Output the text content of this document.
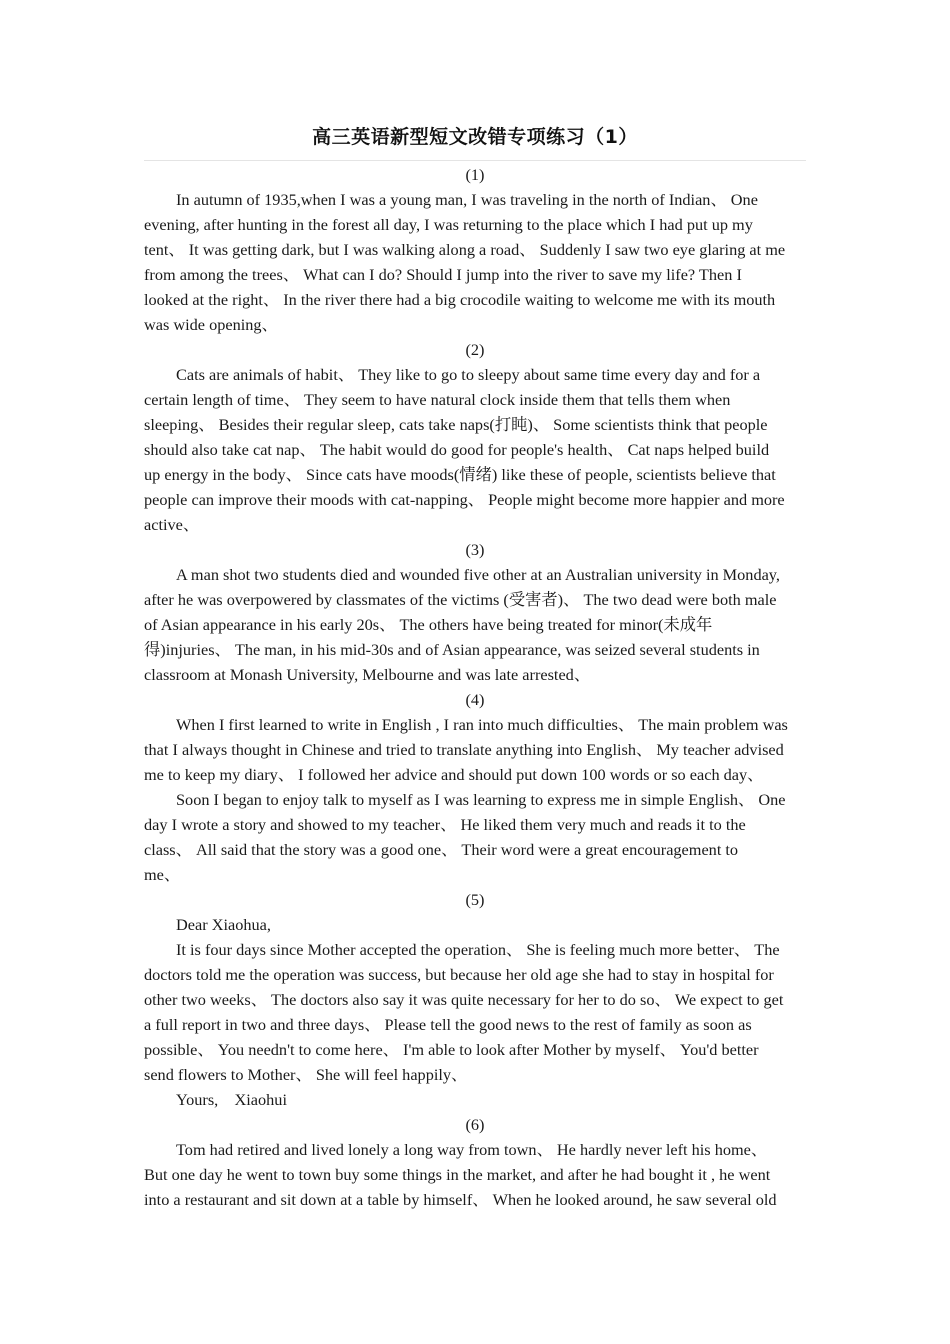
高三英语新型短文改错专项练习（1）
(1)
In autumn of 1935,when I was a young man, I was traveling in the north of Indian、 One
evening, after hunting in the forest all day, I was returning to the place which I had put up my
tent、 It was getting dark, but I was walking along a road、 Suddenly I saw two eye glaring at me
from among the trees、 What can I do? Should I jump into the river to save my life? Then I
looked at the right、 In the river there had a big crocodile waiting to welcome me with its mouth
was wide opening、
(2)
Cats are animals of habit、 They like to go to sleepy about same time every day and for a
certain length of time、 They seem to have natural clock inside them that tells them when
sleeping、 Besides their regular sleep, cats take naps(打盹)、 Some scientists think that people
should also take cat nap、 The habit would do good for people's health、 Cat naps helped build
up energy in the body、 Since cats have moods(情绪) like these of people, scientists believe that
people can improve their moods with cat-napping、 People might become more happier and more
active、
(3)
A man shot two students died and wounded five other at an Australian university in Monday,
after he was overpowered by classmates of the victims (受害者)、 The two dead were both male
of Asian appearance in his early 20s、 The others have being treated for minor(未成年
得)injuries、 The man, in his mid-30s and of Asian appearance, was seized several students in
classroom at Monash University, Melbourne and was late arrested、
(4)
When I first learned to write in English , I ran into much difficulties、 The main problem was
that I always thought in Chinese and tried to translate anything into English、 My teacher advised
me to keep my diary、 I followed her advice and should put down 100 words or so each day、
Soon I began to enjoy talk to myself as I was learning to express me in simple English、 One
day I wrote a story and showed to my teacher、 He liked them very much and reads it to the
class、 All said that the story was a good one、 Their word were a great encouragement to
me、
(5)
Dear Xiaohua,
It is four days since Mother accepted the operation、 She is feeling much more better、 The
doctors told me the operation was success, but because her old age she had to stay in hospital for
other two weeks、 The doctors also say it was quite necessary for her to do so、 We expect to get
a full report in two and three days、 Please tell the good news to the rest of family as soon as
possible、 You needn't to come here、 I'm able to look after Mother by myself、 You'd better
send flowers to Mother、 She will feel happily、
Yours,    Xiaohui
(6)
Tom had retired and lived lonely a long way from town、 He hardly never left his home、
But one day he went to town buy some things in the market, and after he had bought it , he went
into a restaurant and sit down at a table by himself、 When he looked around, he saw several old
